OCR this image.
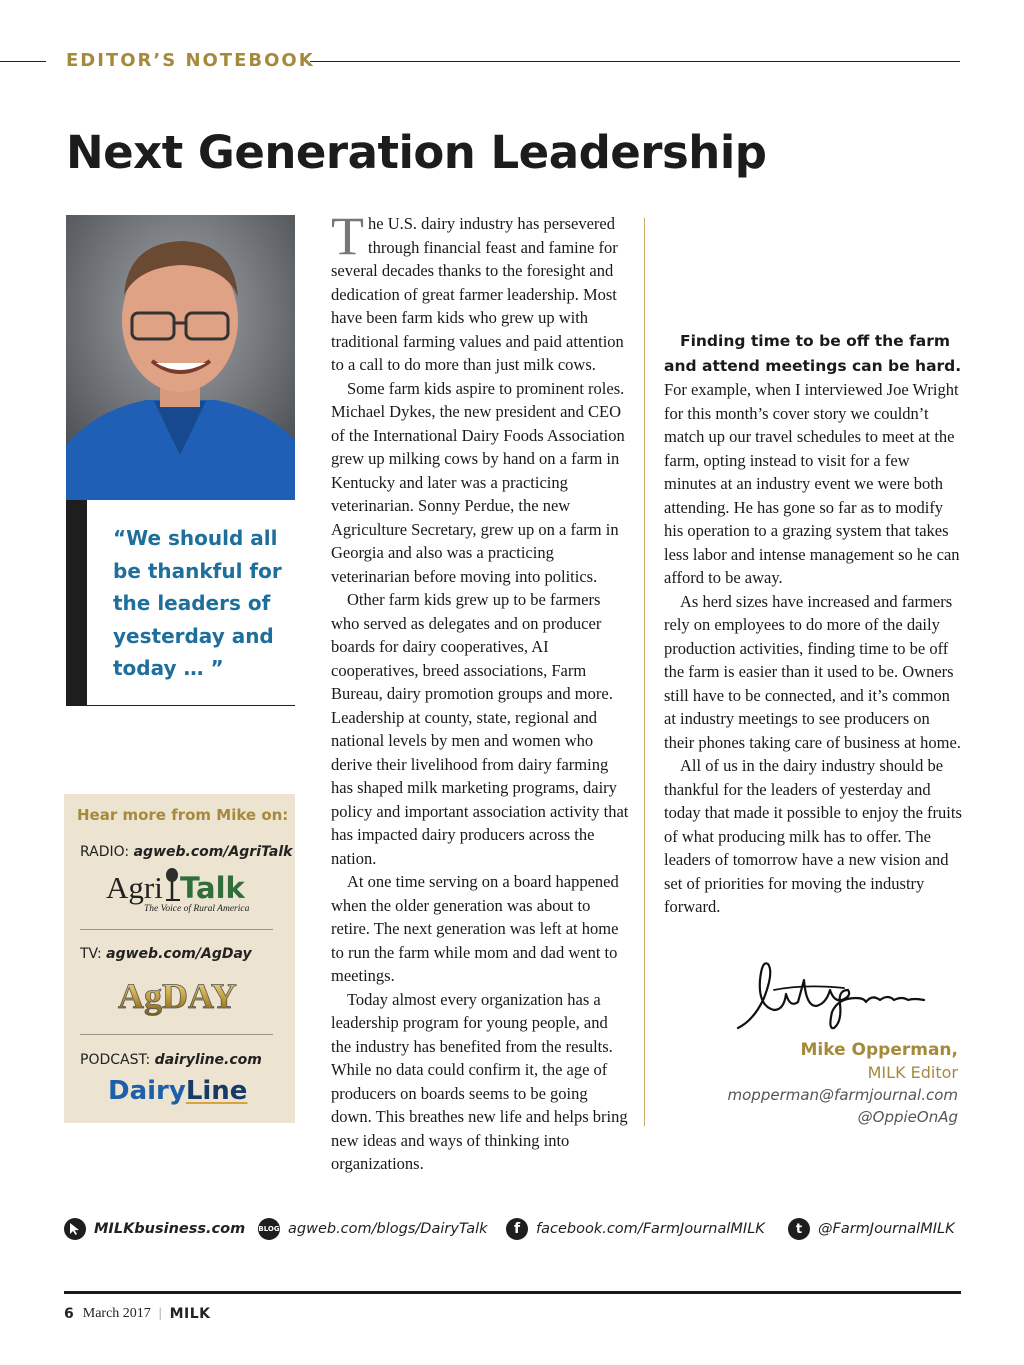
EDITOR’S NOTEBOOK
Next Generation Leadership

“We should all be thankful for the leaders of yesterday and today … ”

Hear more from Mike on:
RADIO: agweb.com/AgriTalk
Agri Talk
The Voice of Rural America
TV: agweb.com/AgDay
AgDAY
PODCAST: dairyline.com
DairyLine

The U.S. dairy industry has persevered through financial feast and famine for several decades thanks to the foresight and dedication of great farmer leadership. Most have been farm kids who grew up with traditional farming values and paid attention to a call to do more than just milk cows.

Some farm kids aspire to prominent roles. Michael Dykes, the new president and CEO of the International Dairy Foods Association grew up milking cows by hand on a farm in Kentucky and later was a practicing veterinarian. Sonny Perdue, the new Agriculture Secretary, grew up on a farm in Georgia and also was a practicing veterinarian before moving into politics.

Other farm kids grew up to be farmers who served as delegates and on producer boards for dairy cooperatives, AI cooperatives, breed associations, Farm Bureau, dairy promotion groups and more. Leadership at county, state, regional and national levels by men and women who derive their livelihood from dairy farming has shaped milk marketing programs, dairy policy and important association activity that has impacted dairy producers across the nation.

At one time serving on a board happened when the older generation was about to retire. The next generation was left at home to run the farm while mom and dad went to meetings.

Today almost every organization has a leadership program for young people, and the industry has benefited from the results. While no data could confirm it, the age of producers on boards seems to be going down. This breathes new life and helps bring new ideas and ways of thinking into organizations.

Finding time to be off the farm and attend meetings can be hard. For example, when I interviewed Joe Wright for this month’s cover story we couldn’t match up our travel schedules to meet at the farm, opting instead to visit for a few minutes at an industry event we were both attending. He has gone so far as to modify his operation to a grazing system that takes less labor and intense management so he can afford to be away.

As herd sizes have increased and farmers rely on employees to do more of the daily production activities, finding time to be off the farm is easier than it used to be. Owners still have to be connected, and it’s common at industry meetings to see producers on their phones taking care of business at home.

All of us in the dairy industry should be thankful for the leaders of yesterday and today that made it possible to enjoy the fruits of what producing milk has to offer. The leaders of tomorrow have a new vision and set of priorities for moving the industry forward.

Mike Opperman,
MILK Editor
mopperman@farmjournal.com
@OppieOnAg
MILKbusiness.com BLOG agweb.com/blogs/DairyTalk	f	facebook.com/FarmJournalMILK	t	@FarmJournalMILK
6 March 2017 | MILK
